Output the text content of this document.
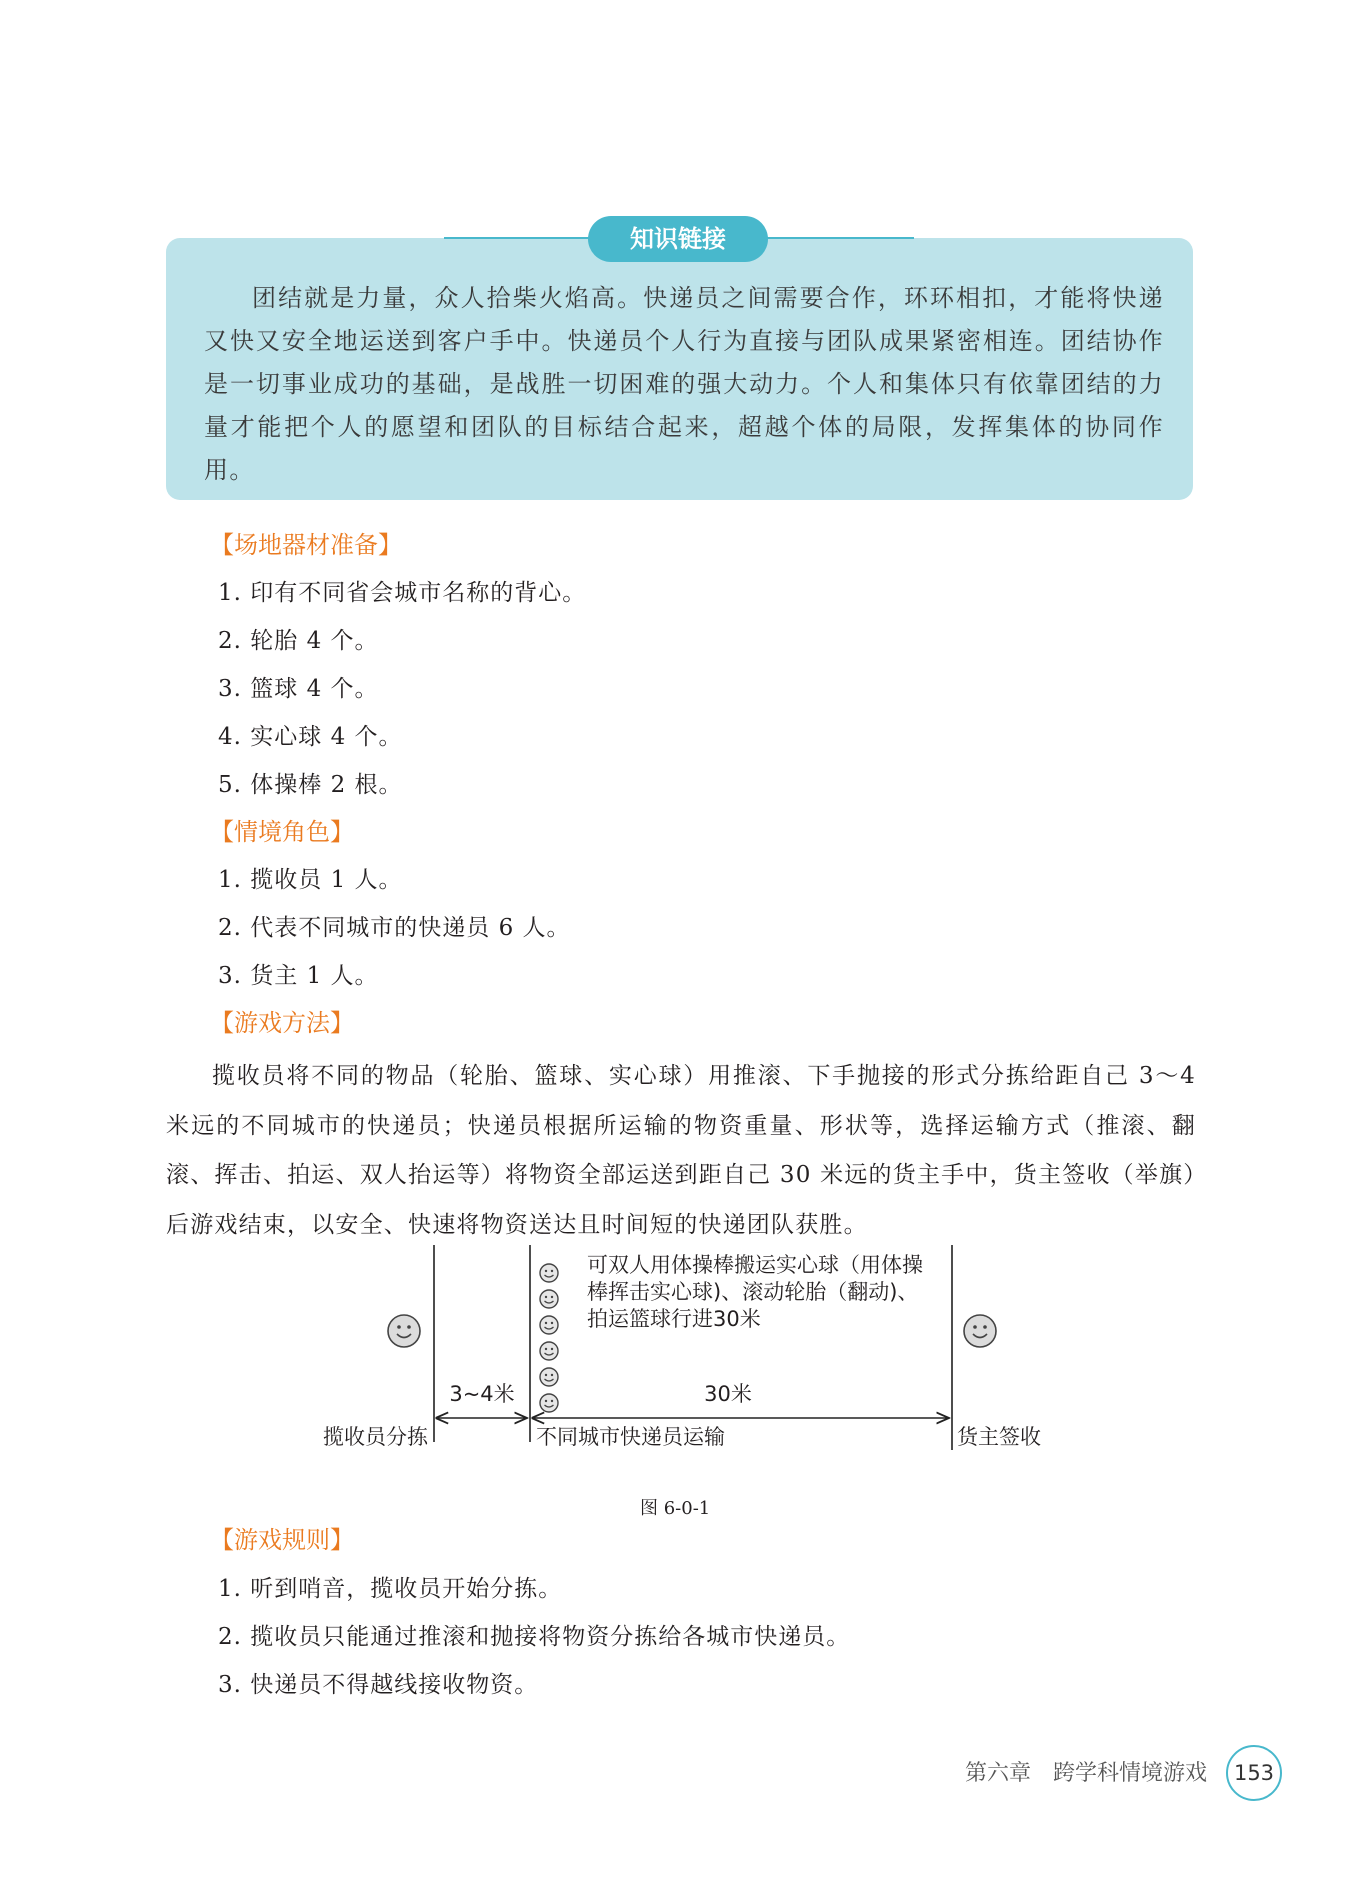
知识链接

团结就是力量，众人拾柴火焰高。快递员之间需要合作，环环相扣，才能将快递又快又安全地运送到客户手中。快递员个人行为直接与团队成果紧密相连。团结协作是一切事业成功的基础，是战胜一切困难的强大动力。个人和集体只有依靠团结的力量才能把个人的愿望和团队的目标结合起来，超越个体的局限，发挥集体的协同作用。

【场地器材准备】

1. 印有不同省会城市名称的背心。

2. 轮胎 4 个。

3. 篮球 4 个。

4. 实心球 4 个。

5. 体操棒 2 根。

【情境角色】

1. 揽收员 1 人。

2. 代表不同城市的快递员 6 人。

3. 货主 1 人。

【游戏方法】

揽收员将不同的物品（轮胎、篮球、实心球）用推滚、下手抛接的形式分拣给距自己 3～4 米远的不同城市的快递员；快递员根据所运输的物资重量、形状等，选择运输方式（推滚、翻滚、挥击、拍运、双人抬运等）将物资全部运送到距自己 30 米远的货主手中，货主签收（举旗）后游戏结束，以安全、快速将物资送达且时间短的快递团队获胜。

可双人用体操棒搬运实心球（用体操
棒挥击实心球)、滚动轮胎（翻动)、
拍运篮球行进30米
3~4米	30米
揽收员分拣	不同城市快递员运输	货主签收

图 6-0-1

【游戏规则】

1. 听到哨音，揽收员开始分拣。

2. 揽收员只能通过推滚和抛接将物资分拣给各城市快递员。

3. 快递员不得越线接收物资。

第六章　跨学科情境游戏	153
